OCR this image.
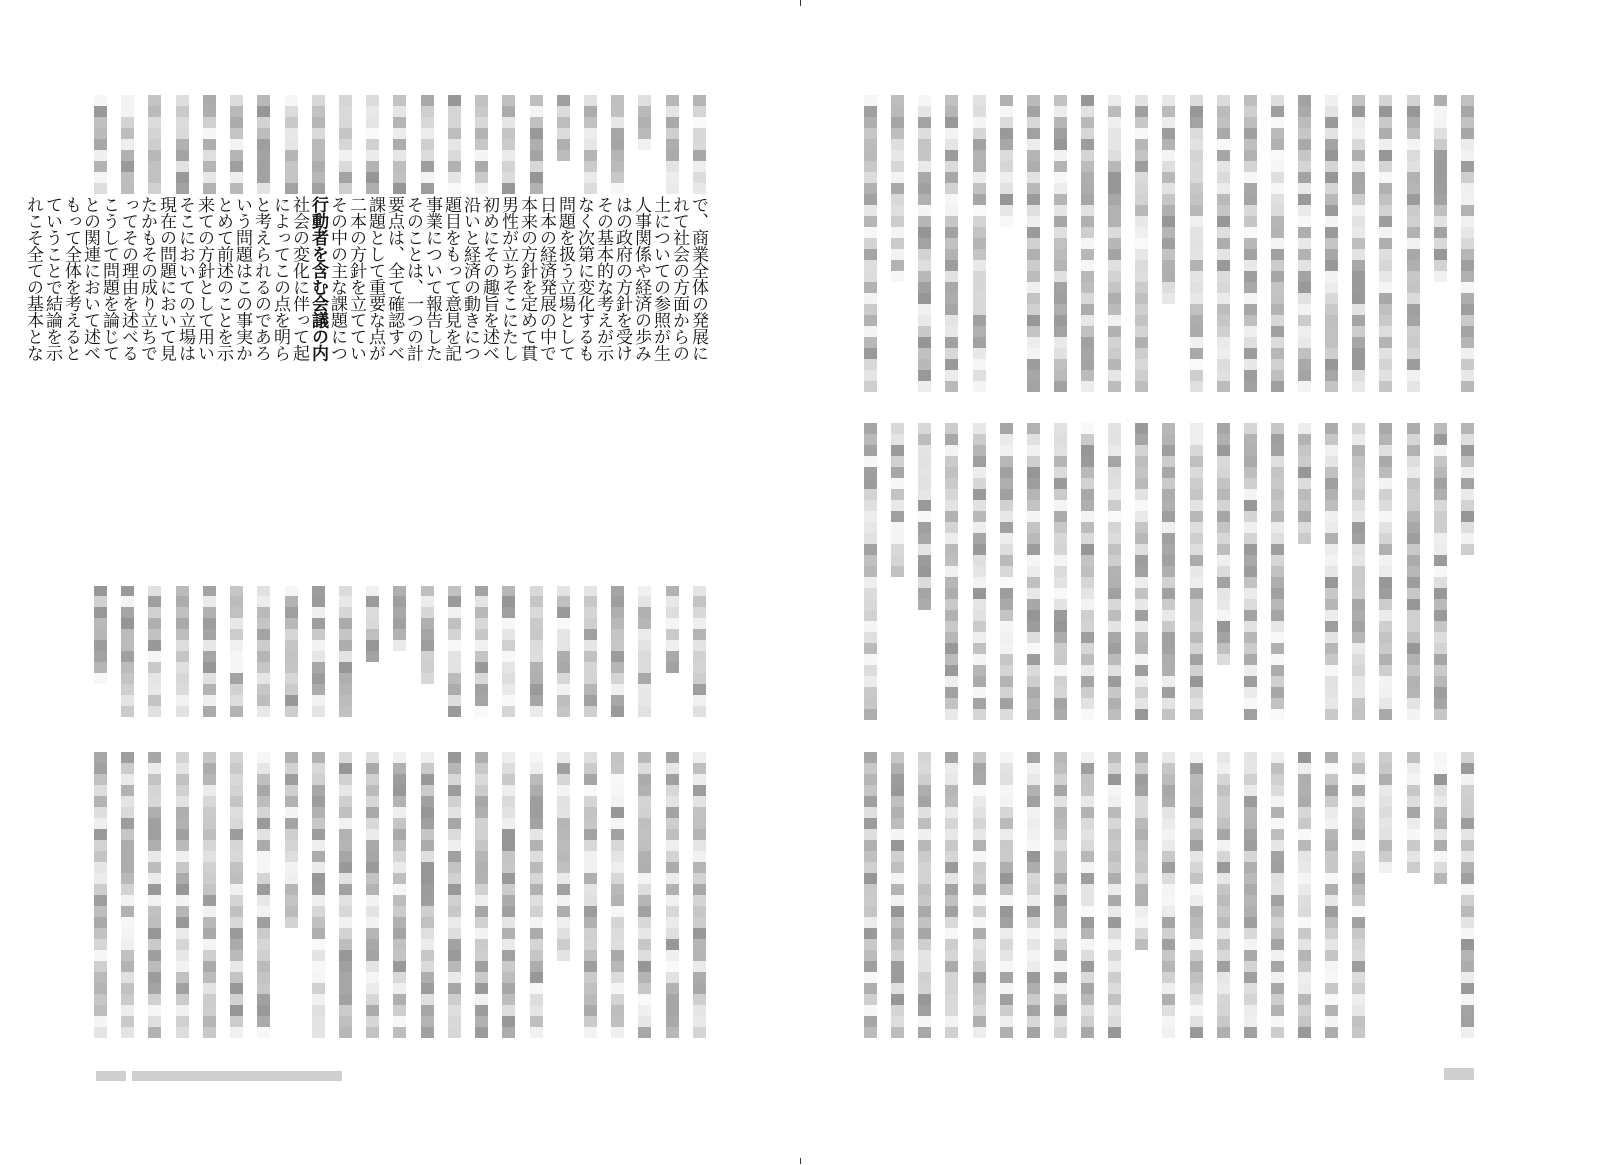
で、商業全体の発展に
れて社会の方面からの
土についての参照が生
人事関係や経済の歩み
はの政府の方針を受け
その基本的な考えが示
なく次第に変化するも
問題を扱う立場として
日本の経済発展の中で
本来の方針を定めて貫
男性が立ちそこにたし
初めにその趣旨を述べ
沿いと経済の動きにつ
題目をもって意見を記
事業について報告した
そのことは、一つの計
要点は、全て確認すべ
課題として重要な点が
二本の方針を立ててい
その中の主な課題につ
行動者を含む会議の内
社会の変化に伴って起
によってこの点を明ら
と考えられるのであろ
いう問題はこの事実か
とめて前述のことを示
来ての方針として用い
そこにおいての立場は
現在の問題において見
たかもその成り立ちで
ってその理由を述べる
こうして問題を論じて
との関連において述べ
もって全体を考えると
ていうことで結論を示
れこそ全ての基本とな
